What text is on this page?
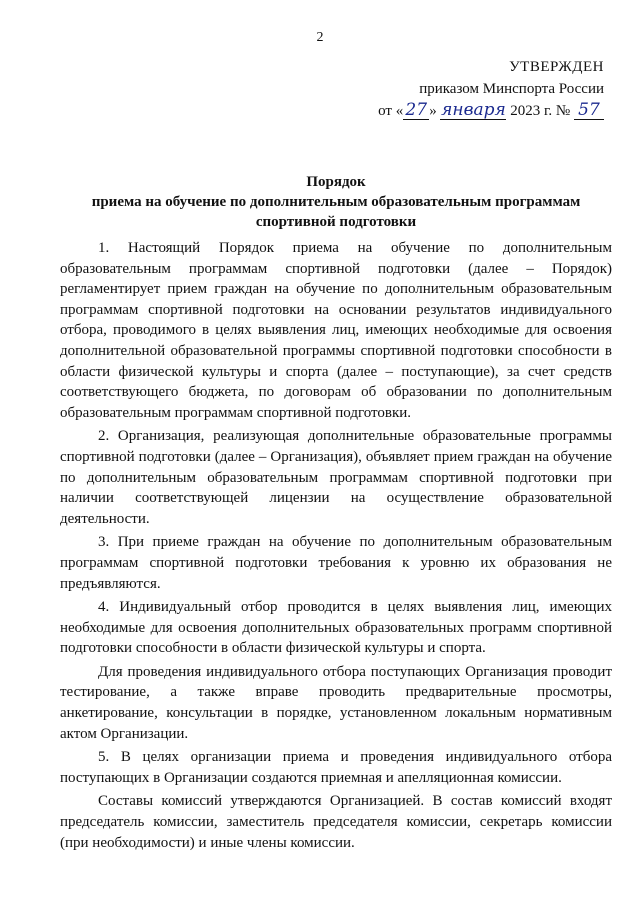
2
УТВЕРЖДЕН
приказом Минспорта России
от « 27 » января 2023 г. № 57
Порядок
приема на обучение по дополнительным образовательным программам
спортивной подготовки

1. Настоящий Порядок приема на обучение по дополнительным образовательным программам спортивной подготовки (далее – Порядок) регламентирует прием граждан на обучение по дополнительным образовательным программам спортивной подготовки на основании результатов индивидуального отбора, проводимого в целях выявления лиц, имеющих необходимые для освоения дополнительной образовательной программы спортивной подготовки способности в области физической культуры и спорта (далее – поступающие), за счет средств соответствующего бюджета, по договорам об образовании по дополнительным образовательным программам спортивной подготовки.

2. Организация, реализующая дополнительные образовательные программы спортивной подготовки (далее – Организация), объявляет прием граждан на обучение по дополнительным образовательным программам спортивной подготовки при наличии соответствующей лицензии на осуществление образовательной деятельности.

3. При приеме граждан на обучение по дополнительным образовательным программам спортивной подготовки требования к уровню их образования не предъявляются.

4. Индивидуальный отбор проводится в целях выявления лиц, имеющих необходимые для освоения дополнительных образовательных программ спортивной подготовки способности в области физической культуры и спорта.

Для проведения индивидуального отбора поступающих Организация проводит тестирование, а также вправе проводить предварительные просмотры, анкетирование, консультации в порядке, установленном локальным нормативным актом Организации.

5. В целях организации приема и проведения индивидуального отбора поступающих в Организации создаются приемная и апелляционная комиссии.

Составы комиссий утверждаются Организацией. В состав комиссий входят председатель комиссии, заместитель председателя комиссии, секретарь комиссии (при необходимости) и иные члены комиссии.
